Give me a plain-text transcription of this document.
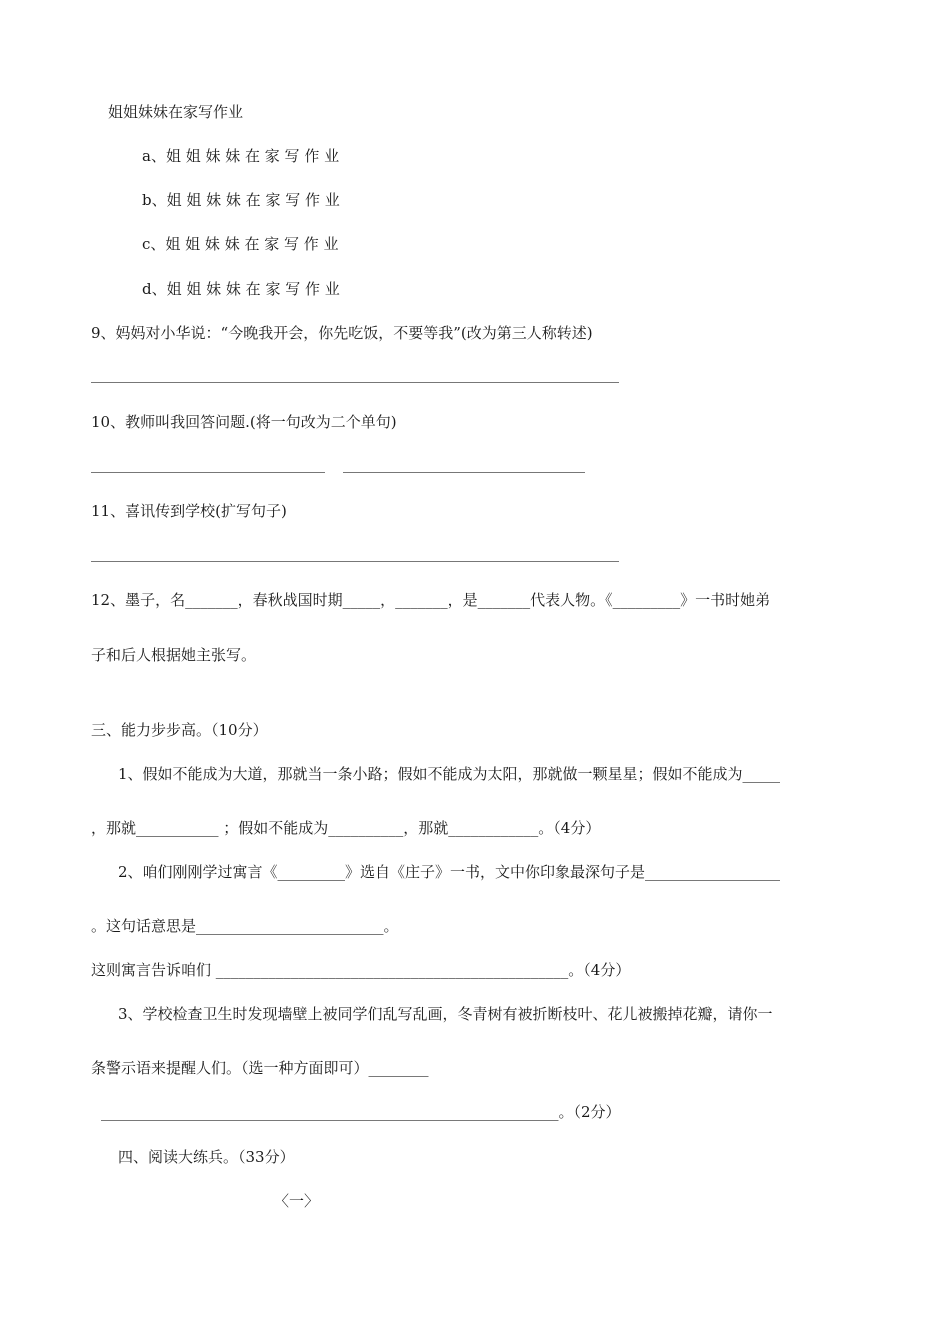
姐姐妹妹在家写作业
a、姐 姐 妹 妹 在 家 写 作 业
b、姐 姐 妹 妹 在 家 写 作 业
c、姐 姐 妹 妹 在 家 写 作 业
d、姐 姐 妹 妹 在 家 写 作 业
9、妈妈对小华说：“今晚我开会，你先吃饭，不要等我”(改为第三人称转述)
10、教师叫我回答问题.(将一句改为二个单句)
11、喜讯传到学校(扩写句子)
12、墨子，名_______，春秋战国时期_____，_______，是_______代表人物。《_________》一书时她弟
子和后人根据她主张写。
三、能力步步高。（10分）
1、假如不能成为大道，那就当一条小路；假如不能成为太阳，那就做一颗星星；假如不能成为_____
，那就___________ ；假如不能成为__________，那就____________。（4分）
2、咱们刚刚学过寓言《_________》选自《庄子》一书，文中你印象最深句子是__________________
。这句话意思是_________________________。
这则寓言告诉咱们 _______________________________________________。（4分）
3、学校检查卫生时发现墙壁上被同学们乱写乱画，冬青树有被折断枝叶、花儿被搬掉花瓣，请你一
条警示语来提醒人们。（选一种方面即可）________
_____________________________________________________________。（2分）
四、阅读大练兵。（33分）
〈一〉
